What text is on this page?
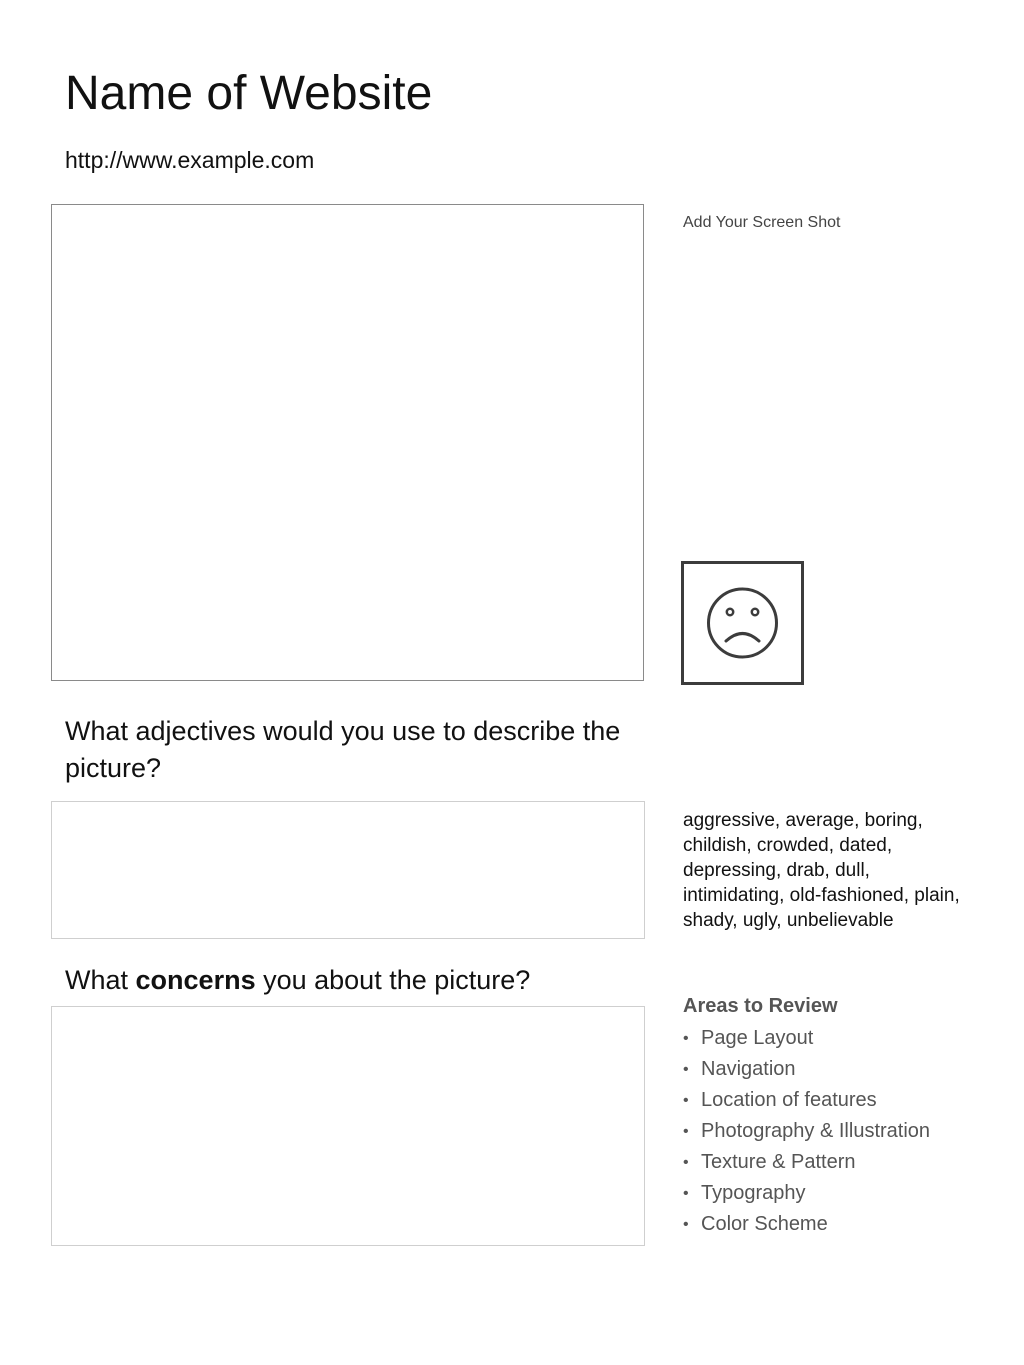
Name of Website
http://www.example.com
Add Your Screen Shot
What adjectives would you use to describe the picture?
aggressive, average, boring, childish, crowded, dated, depressing, drab, dull, intimidating, old-fashioned, plain, shady, ugly, unbelievable
What concerns you about the picture?
Areas to Review
• Page Layout
• Navigation
• Location of features
• Photography & Illustration
• Texture & Pattern
• Typography
• Color Scheme
